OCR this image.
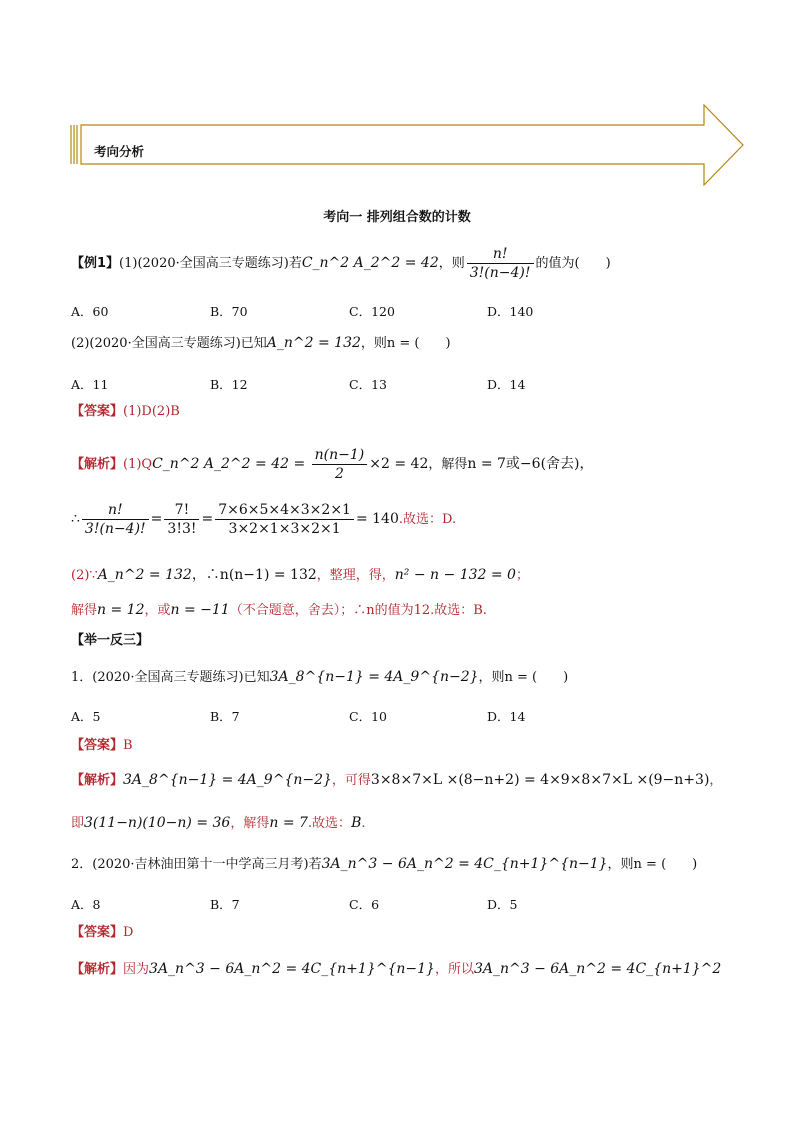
考向分析
考向一 排列组合数的计数
【例1】(1)(2020·全国高三专题练习)若C_n^2 A_2^2 = 42，则 $\frac{n!}{3!(n-4)!}$ 的值为(　　)
A．60	B．70	C．120	D．140
(2)(2020·全国高三专题练习)已知A_n^2 = 132，则n = (　　)
A．11	B．12	C．13	D．14
【答案】(1)D(2)B
【解析】(1)QC_n^2 A_2^2 = $42 = \frac{n(n-1)}{2} \times 2 = 42$，解得n = 7或−6(舍去)，
∴ $\frac{n!}{3!(n-4)!} = \frac{7!}{3!3!} = \frac{7\times 6\times 5\times 4\times 3\times 2\times 1}{3\times 2\times 1\times 3\times 2\times 1} = 140$.故选：D.
(2)∵A_n^2 = 132，∴n(n−1) = 132，整理，得，n² − n − 132 = 0；
解得n = 12，或n = −11（不合题意，舍去）；∴n的值为12.故选：B.
【举一反三】
1．(2020·全国高三专题练习)已知3A_8^{n−1} = 4A_9^{n−2}，则n = (　　)
A．5	B．7	C．10	D．14
【答案】B
【解析】3A_8^{n−1} = 4A_9^{n−2}，可得3×8×7×L ×(8−n+2) = 4×9×8×7×L ×(9−n+3)，
即3(11−n)(10−n) = 36，解得n = 7.故选：B.
2．(2020·吉林油田第十一中学高三月考)若3A_n^3 − 6A_n^2 = 4C_{n+1}^{n−1}，则n = (　　)
A．8	B．7	C．6	D．5
【答案】D
【解析】因为3A_n^3 − 6A_n^2 = 4C_{n+1}^{n−1}，所以3A_n^3 − 6A_n^2 = 4C_{n+1}^2
